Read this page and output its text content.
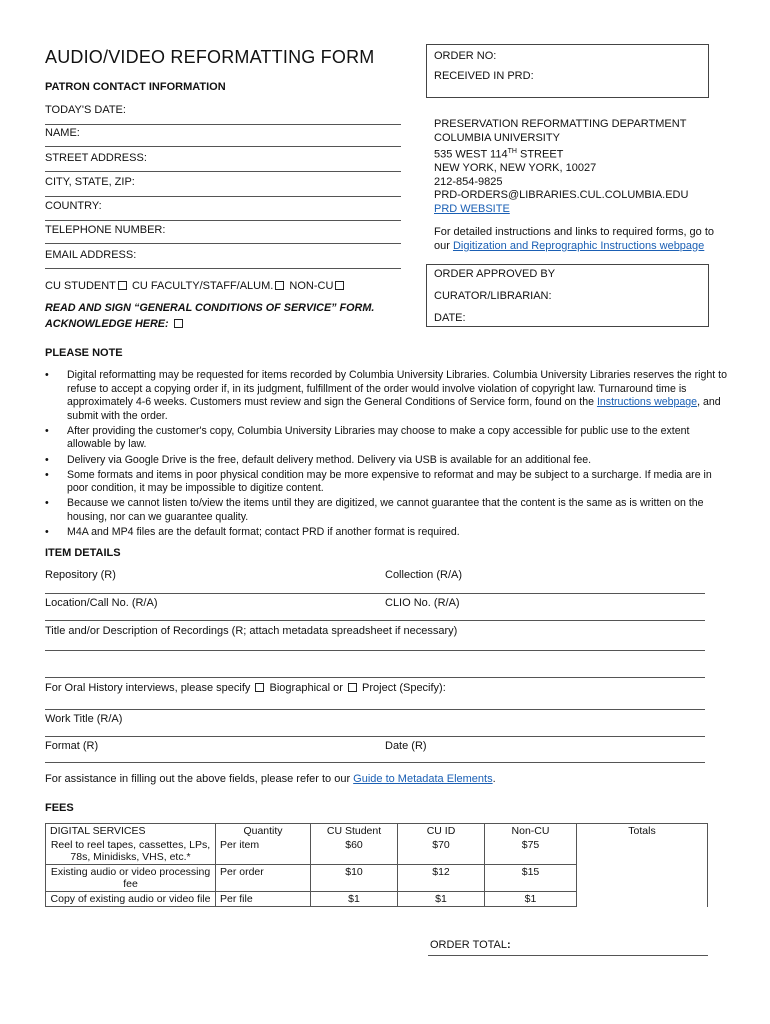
AUDIO/VIDEO REFORMATTING FORM
PATRON CONTACT INFORMATION
ORDER NO:
RECEIVED IN PRD:
TODAY'S DATE:
NAME:
STREET ADDRESS:
CITY, STATE, ZIP:
COUNTRY:
TELEPHONE NUMBER:
EMAIL ADDRESS:
CU STUDENT CU FACULTY/STAFF/ALUM. NON-CU
READ AND SIGN “GENERAL CONDITIONS OF SERVICE” FORM.
ACKNOWLEDGE HERE:
PRESERVATION REFORMATTING DEPARTMENT
COLUMBIA UNIVERSITY
535 WEST 114TH STREET
NEW YORK, NEW YORK, 10027
212-854-9825
PRD-ORDERS@LIBRARIES.CUL.COLUMBIA.EDU
PRD WEBSITE
For detailed instructions and links to required forms, go to our Digitization and Reprographic Instructions webpage
ORDER APPROVED BY
CURATOR/LIBRARIAN:
DATE:
PLEASE NOTE
• Digital reformatting may be requested for items recorded by Columbia University Libraries. Columbia University Libraries reserves the right to refuse to accept a copying order if, in its judgment, fulfillment of the order would involve violation of copyright law. Turnaround time is approximately 4-6 weeks. Customers must review and sign the General Conditions of Service form, found on the Instructions webpage, and submit with the order.
• After providing the customer's copy, Columbia University Libraries may choose to make a copy accessible for public use to the extent allowable by law.
• Delivery via Google Drive is the free, default delivery method. Delivery via USB is available for an additional fee.
• Some formats and items in poor physical condition may be more expensive to reformat and may be subject to a surcharge. If media are in poor condition, it may be impossible to digitize content.
• Because we cannot listen to/view the items until they are digitized, we cannot guarantee that the content is the same as is written on the housing, nor can we guarantee quality.
• M4A and MP4 files are the default format; contact PRD if another format is required.
ITEM DETAILS
Repository (R)	Collection (R/A)
Location/Call No. (R/A)	CLIO No. (R/A)
Title and/or Description of Recordings (R; attach metadata spreadsheet if necessary)
For Oral History interviews, please specify Biographical or Project (Specify):
Work Title (R/A)
Format (R)	Date (R)
For assistance in filling out the above fields, please refer to our Guide to Metadata Elements.
FEES
DIGITAL SERVICES	Quantity	CU Student	CU ID	Non-CU	Totals
Reel to reel tapes, cassettes, LPs, 78s, Minidisks, VHS, etc.*	Per item	$60	$70	$75	
Existing audio or video processing fee	Per order	$10	$12	$15	
Copy of existing audio or video file	Per file	$1	$1	$1	
ORDER TOTAL:
